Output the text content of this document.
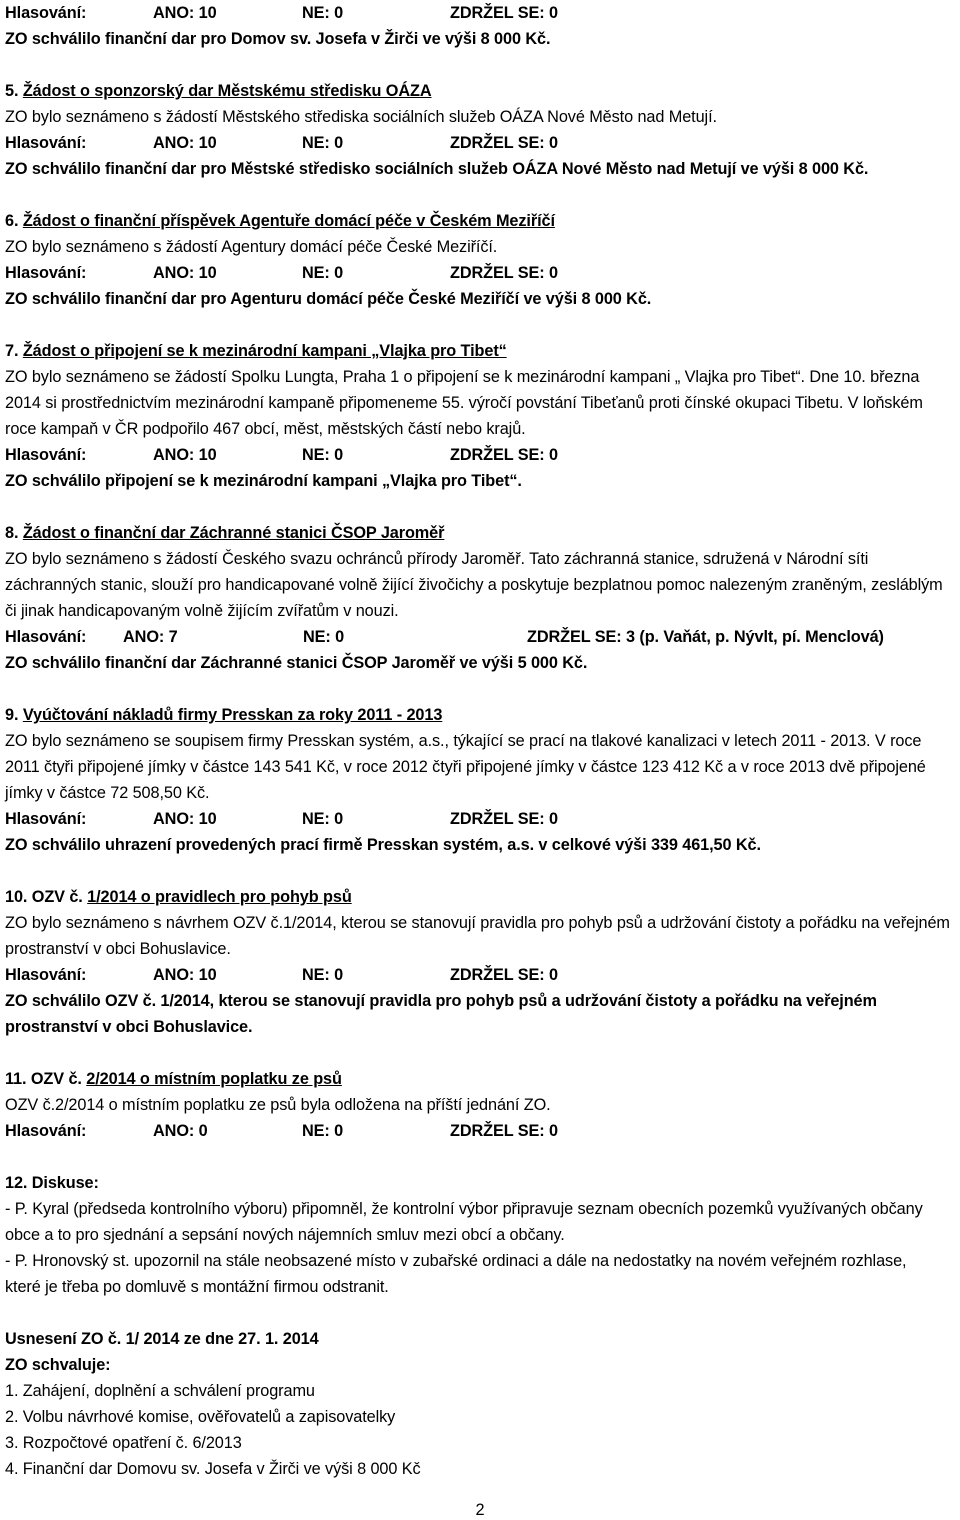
Hlasování:	ANO: 10	NE: 0	ZDRŽEL SE: 0
ZO schválilo finanční dar pro Domov sv. Josefa v Žirči ve výši 8 000 Kč.
5. Žádost o sponzorský dar Městskému středisku OÁZA
ZO bylo seznámeno s žádostí Městského střediska sociálních služeb OÁZA Nové Město nad Metují.
Hlasování:	ANO: 10	NE: 0	ZDRŽEL SE: 0
ZO schválilo finanční dar pro Městské středisko sociálních služeb OÁZA Nové Město nad Metují ve výši 8 000 Kč.
6. Žádost o finanční příspěvek Agentuře domácí péče v Českém Meziříčí
ZO bylo seznámeno s žádostí Agentury domácí péče České Meziříčí.
Hlasování:	ANO: 10	NE: 0	ZDRŽEL SE: 0
ZO schválilo finanční dar pro Agenturu domácí péče České Meziříčí ve výši 8 000 Kč.
7. Žádost o připojení se k mezinárodní kampani „Vlajka pro Tibet“
ZO bylo seznámeno se žádostí Spolku Lungta, Praha 1 o připojení se k mezinárodní kampani „ Vlajka pro Tibet“. Dne 10. března 2014 si prostřednictvím mezinárodní kampaně připomeneme 55. výročí povstání Tibeťanů proti čínské okupaci Tibetu. V loňském roce kampaň v ČR podpořilo 467 obcí, měst, městských částí nebo krajů.
Hlasování:	ANO: 10	NE: 0	ZDRŽEL SE: 0
ZO schválilo připojení se k mezinárodní kampani „Vlajka pro Tibet“.
8. Žádost o finanční dar Záchranné stanici ČSOP Jaroměř
ZO bylo seznámeno s žádostí Českého svazu ochránců přírody Jaroměř. Tato záchranná stanice, sdružená v Národní síti záchranných stanic, slouží pro handicapované volně žijící živočichy a poskytuje bezplatnou pomoc nalezeným zraněným, zesláblým či jinak handicapovaným volně žijícím zvířatům v nouzi.
Hlasování: ANO: 7	NE: 0	ZDRŽEL SE: 3 (p. Vaňát, p. Nývlt, pí. Menclová)
ZO schválilo finanční dar Záchranné stanici ČSOP Jaroměř ve výši 5 000 Kč.
9. Vyúčtování nákladů firmy Presskan za roky 2011 - 2013
ZO bylo seznámeno se soupisem firmy Presskan systém, a.s., týkající se prací na tlakové kanalizaci v letech 2011 - 2013. V roce 2011 čtyři připojené jímky v částce 143 541 Kč, v roce 2012 čtyři připojené jímky v částce 123 412 Kč a v roce 2013 dvě připojené jímky v částce 72 508,50 Kč.
Hlasování:	ANO: 10	NE: 0	ZDRŽEL SE: 0
ZO schválilo uhrazení provedených prací firmě Presskan systém, a.s. v celkové výši 339 461,50 Kč.
10. OZV č. 1/2014 o pravidlech pro pohyb psů
ZO bylo seznámeno s návrhem OZV č.1/2014, kterou se stanovují pravidla pro pohyb psů a udržování čistoty a pořádku na veřejném prostranství v obci Bohuslavice.
Hlasování:	ANO: 10	NE: 0	ZDRŽEL SE: 0
ZO schválilo OZV č. 1/2014, kterou se stanovují pravidla pro pohyb psů a udržování čistoty a pořádku na veřejném prostranství v obci Bohuslavice.
11. OZV č. 2/2014 o místním poplatku ze psů
OZV č.2/2014 o místním poplatku ze psů byla odložena na příští jednání ZO.
Hlasování:	ANO: 0	NE: 0	ZDRŽEL SE: 0
12. Diskuse:
- P. Kyral (předseda kontrolního výboru) připomněl, že kontrolní výbor připravuje seznam obecních pozemků využívaných občany obce a to pro sjednání a sepsání nových nájemních smluv mezi obcí a občany.
- P. Hronovský st. upozornil na stále neobsazené místo v zubařské ordinaci a dále na nedostatky na novém veřejném rozhlase, které je třeba po domluvě s montážní firmou odstranit.
Usnesení ZO č. 1/ 2014 ze dne 27. 1. 2014
ZO schvaluje:
1. Zahájení, doplnění a schválení programu
2. Volbu návrhové komise, ověřovatelů a zapisovatelky
3. Rozpočtové opatření č. 6/2013
4. Finanční dar Domovu sv. Josefa v Žirči ve výši 8 000 Kč
2
